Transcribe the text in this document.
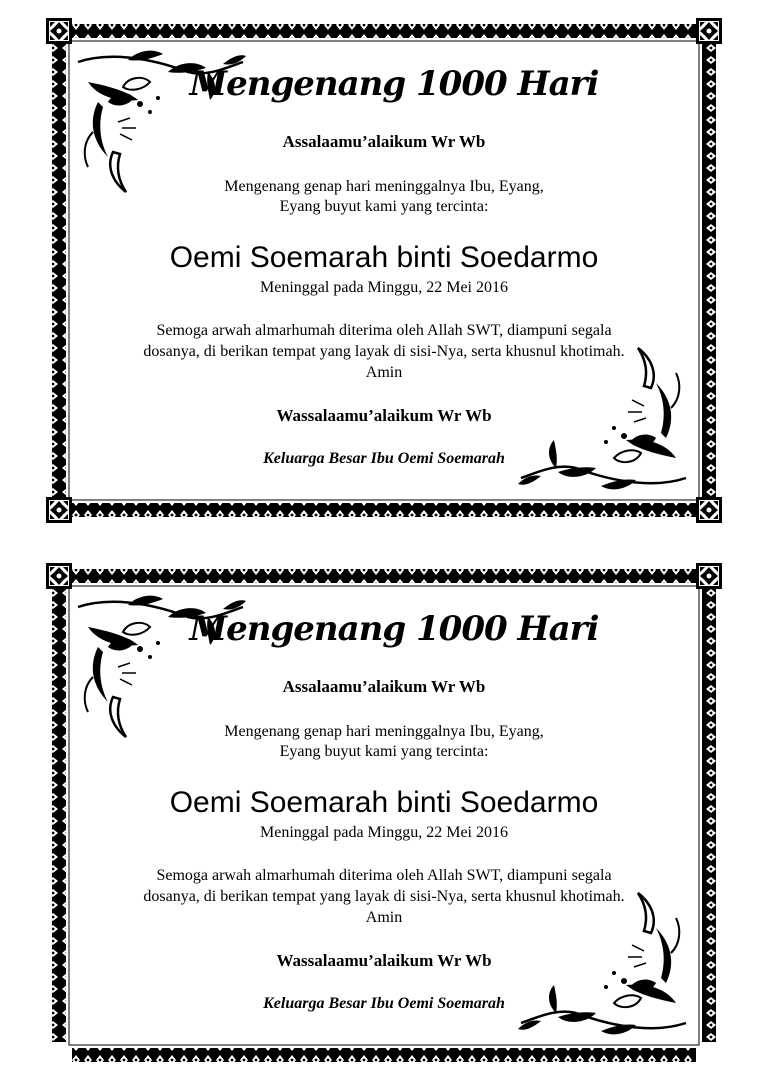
Mengenang 1000 Hari
Assalaamu’alaikum Wr Wb
Mengenang genap hari meninggalnya Ibu, Eyang,
Eyang buyut kami yang tercinta:
Oemi Soemarah binti Soedarmo
Meninggal pada Minggu, 22 Mei 2016
Semoga arwah almarhumah diterima oleh Allah SWT, diampuni segala
dosanya, di berikan tempat yang layak di sisi-Nya, serta khusnul khotimah.
Amin
Wassalaamu’alaikum Wr Wb
Keluarga Besar Ibu Oemi Soemarah
Mengenang 1000 Hari
Assalaamu’alaikum Wr Wb
Mengenang genap hari meninggalnya Ibu, Eyang,
Eyang buyut kami yang tercinta:
Oemi Soemarah binti Soedarmo
Meninggal pada Minggu, 22 Mei 2016
Semoga arwah almarhumah diterima oleh Allah SWT, diampuni segala
dosanya, di berikan tempat yang layak di sisi-Nya, serta khusnul khotimah.
Amin
Wassalaamu’alaikum Wr Wb
Keluarga Besar Ibu Oemi Soemarah
